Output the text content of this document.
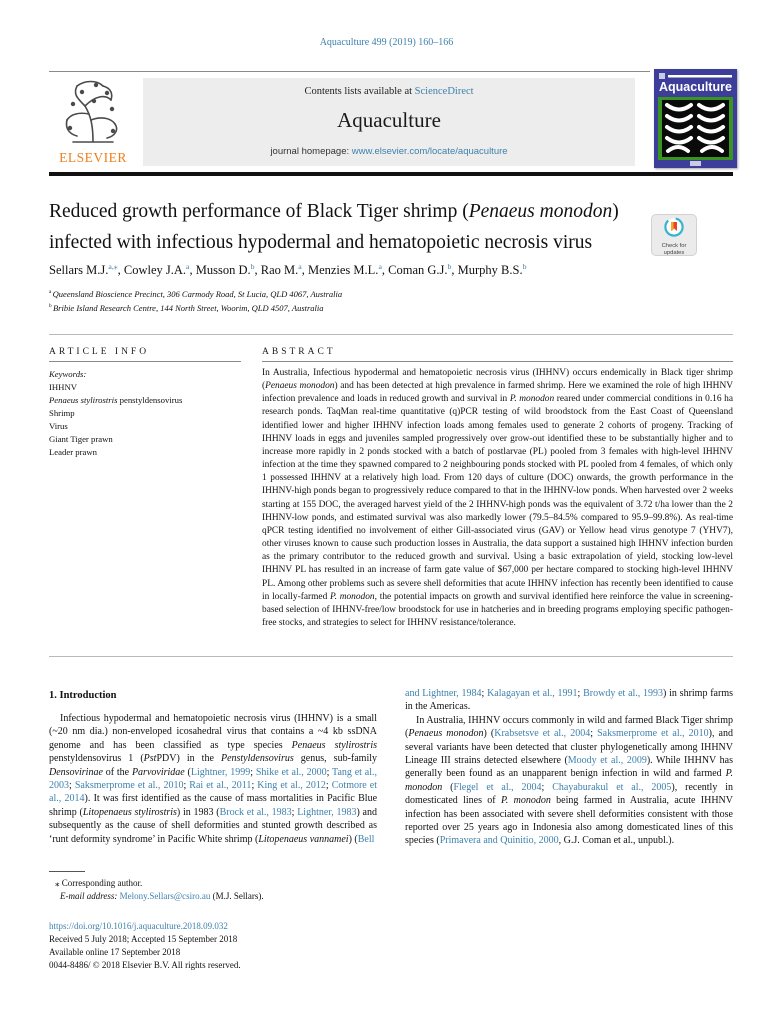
Aquaculture 499 (2019) 160–166
Contents lists available at ScienceDirect
Aquaculture
journal homepage: www.elsevier.com/locate/aquaculture
ELSEVIER
Aquaculture
Reduced growth performance of Black Tiger shrimp (Penaeus monodon) infected with infectious hypodermal and hematopoietic necrosis virus	Check for
updates
Sellars M.J.$^{a,⁎}$, Cowley J.A.$^a$, Musson D.$^b$, Rao M.$^a$, Menzies M.L.$^a$, Coman G.J.$^b$, Murphy B.S.$^b$
$^a$ Queensland Bioscience Precinct, 306 Carmody Road, St Lucia, QLD 4067, Australia
$^b$ Bribie Island Research Centre, 144 North Street, Woorim, QLD 4507, Australia
ARTICLE INFO	ABSTRACT
Keywords:
IHHNV
Penaeus stylirostris penstyldensovirus
Shrimp
Virus
Giant Tiger prawn
Leader prawn
In Australia, Infectious hypodermal and hematopoietic necrosis virus (IHHNV) occurs endemically in Black tiger shrimp (Penaeus monodon) and has been detected at high prevalence in farmed shrimp. Here we examined the role of high IHHNV infection prevalence and loads in reduced growth and survival in P. monodon reared under commercial conditions in 0.16 ha research ponds. TaqMan real-time quantitative (q)PCR testing of wild broodstock from the East Coast of Queensland identified lower and higher IHHNV infection loads among females used to generate 2 cohorts of progeny. Tracking of IHHNV loads in eggs and juveniles sampled progressively over grow-out identified these to be substantially higher and to increase more rapidly in 2 ponds stocked with a batch of postlarvae (PL) pooled from 3 females with high-level IHHNV infection at the time they spawned compared to 2 neighbouring ponds stocked with PL pooled from 4 females, of which only 1 possessed IHHNV at a relatively high load. From 120 days of culture (DOC) onwards, the growth performance in the IHHNV-high ponds began to progressively reduce compared to that in the IHHNV-low ponds. When harvested over 2 weeks starting at 155 DOC, the averaged harvest yield of the 2 IHHNV-high ponds was the equivalent of 3.72 t/ha lower than the 2 IHHNV-low ponds, and estimated survival was also markedly lower (79.5–84.5% compared to 95.9–99.8%). As real-time qPCR testing identified no involvement of either Gill-associated virus (GAV) or Yellow head virus genotype 7 (YHV7), other viruses known to cause such production losses in Australia, the data support a sustained high IHHNV infection burden as the primary contributor to the reduced growth and survival. Using a basic extrapolation of yield, stocking low-level IHHNV PL has resulted in an increase of farm gate value of $67,000 per hectare compared to stocking high-level IHHNV PL. Among other problems such as severe shell deformities that acute IHHNV infection has recently been identified to cause in locally-farmed P. monodon, the potential impacts on growth and survival identified here reinforce the value in screening-based selection of IHHNV-free/low broodstock for use in hatcheries and in breeding programs employing specific pathogen-free stocks, and strategies to select for IHHNV resistance/tolerance.
1. Introduction

Infectious hypodermal and hematopoietic necrosis virus (IHHNV) is a small (~20 nm dia.) non-enveloped icosahedral virus that contains a ~4 kb ssDNA genome and has been classified as type species Penaeus stylirostris penstyldensovirus 1 (PstPDV) in the Penstyldensovirus genus, sub-family Densovirinae of the Parvoviridae (Lightner, 1999; Shike et al., 2000; Tang et al., 2003; Saksmerprome et al., 2010; Rai et al., 2011; King et al., 2012; Cotmore et al., 2014). It was first identified as the cause of mass mortalities in Pacific Blue shrimp (Litopenaeus stylirostris) in 1983 (Brock et al., 1983; Lightner, 1983) and subsequently as the cause of shell deformities and stunted growth described as ‘runt deformity syndrome’ in Pacific White shrimp (Litopenaeus vannamei) (Bell

and Lightner, 1984; Kalagayan et al., 1991; Browdy et al., 1993) in shrimp farms in the Americas.

In Australia, IHHNV occurs commonly in wild and farmed Black Tiger shrimp (Penaeus monodon) (Krabsetsve et al., 2004; Saksmerprome et al., 2010), and several variants have been detected that cluster phylogenetically among IHHNV Lineage III strains detected elsewhere (Moody et al., 2009). While IHHNV has generally been found as an unapparent benign infection in wild and farmed P. monodon (Flegel et al., 2004; Chayaburakul et al., 2005), recently in domesticated lines of P. monodon being farmed in Australia, acute IHHNV infection has been associated with severe shell deformities consistent with those reported over 25 years ago in Indonesia also among domesticated lines of this species (Primavera and Quinitio, 2000, G.J. Coman et al., unpubl.).

⁎ Corresponding author.
E-mail address: Melony.Sellars@csiro.au (M.J. Sellars).
https://doi.org/10.1016/j.aquaculture.2018.09.032
Received 5 July 2018; Accepted 15 September 2018
Available online 17 September 2018
0044-8486/ © 2018 Elsevier B.V. All rights reserved.
